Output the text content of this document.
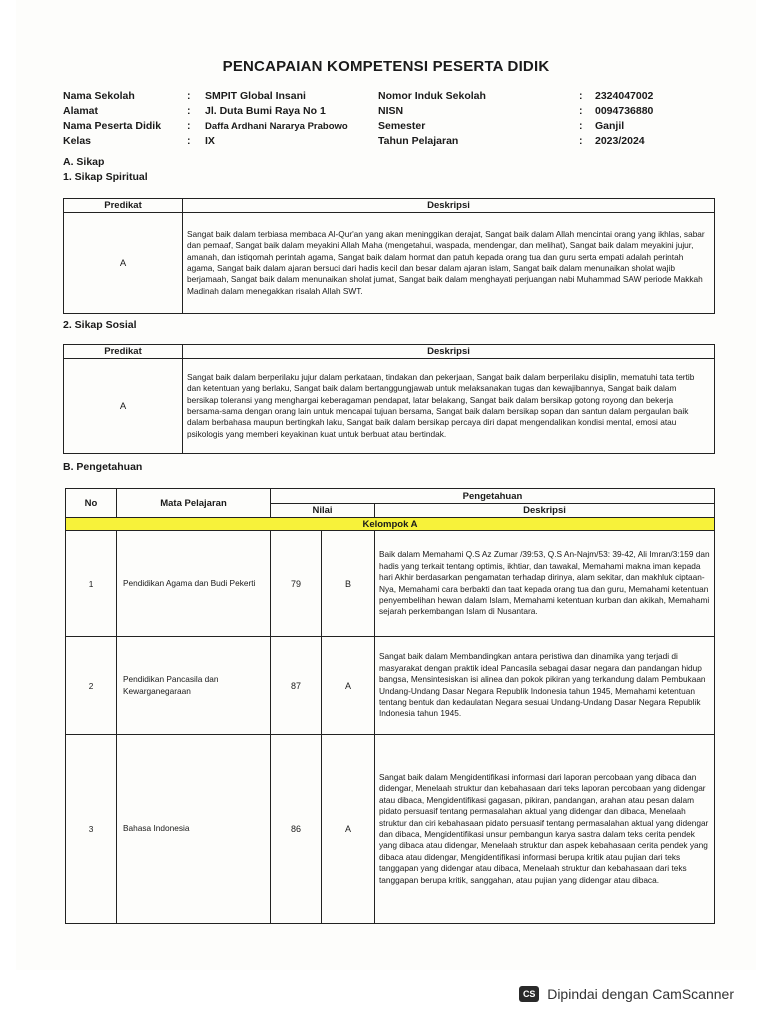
PENCAPAIAN KOMPETENSI PESERTA DIDIK
Nama Sekolah	: SMPIT Global Insani
Alamat	: Jl. Duta Bumi Raya No 1
Nama Peserta Didik : Daffa Ardhani Nararya Prabowo
Kelas	: IX
Nomor Induk Sekolah	: 2324047002
NISN	: 0094736880
Semester	: Ganjil
Tahun Pelajaran	: 2023/2024
A. Sikap
1. Sikap Spiritual
Predikat	Deskripsi
A	Sangat baik dalam terbiasa membaca Al-Qur'an yang akan meninggikan derajat, Sangat baik dalam Allah mencintai orang yang ikhlas, sabar dan pemaaf, Sangat baik dalam meyakini Allah Maha (mengetahui, waspada, mendengar, dan melihat), Sangat baik dalam meyakini jujur, amanah, dan istiqomah perintah agama, Sangat baik dalam hormat dan patuh kepada orang tua dan guru serta empati adalah perintah agama, Sangat baik dalam ajaran bersuci dari hadis kecil dan besar dalam ajaran islam, Sangat baik dalam menunaikan sholat wajib berjamaah, Sangat baik dalam menunaikan sholat jumat, Sangat baik dalam menghayati perjuangan nabi Muhammad SAW periode Makkah Madinah dalam menegakkan risalah Allah SWT.
2. Sikap Sosial
Predikat	Deskripsi
A	Sangat baik dalam berperilaku jujur dalam perkataan, tindakan dan pekerjaan, Sangat baik dalam berperilaku disiplin, mematuhi tata tertib dan ketentuan yang berlaku, Sangat baik dalam bertanggungjawab untuk melaksanakan tugas dan kewajibannya, Sangat baik dalam bersikap toleransi yang menghargai keberagaman pendapat, latar belakang, Sangat baik dalam bersikap gotong royong dan bekerja bersama-sama dengan orang lain untuk mencapai tujuan bersama, Sangat baik dalam bersikap sopan dan santun dalam pergaulan baik dalam berbahasa maupun bertingkah laku, Sangat baik dalam bersikap percaya diri dapat mengendalikan kondisi mental, emosi atau psikologis yang memberi keyakinan kuat untuk berbuat atau bertindak.
B. Pengetahuan
No	Mata Pelajaran	Pengetahuan		
		Nilai		Deskripsi
Kelompok A				
1	Pendidikan Agama dan Budi Pekerti	79	B	Baik dalam Memahami Q.S Az Zumar /39:53, Q.S An-Najm/53: 39-42, Ali Imran/3:159 dan hadis yang terkait tentang optimis, ikhtiar, dan tawakal, Memahami makna iman kepada hari Akhir berdasarkan pengamatan terhadap dirinya, alam sekitar, dan makhluk ciptaan-Nya, Memahami cara berbakti dan taat kepada orang tua dan guru, Memahami ketentuan penyembelihan hewan dalam Islam, Memahami ketentuan kurban dan akikah, Memahami sejarah perkembangan Islam di Nusantara.
2	Pendidikan Pancasila dan Kewarganegaraan	87	A	Sangat baik dalam Membandingkan antara peristiwa dan dinamika yang terjadi di masyarakat dengan praktik ideal Pancasila sebagai dasar negara dan pandangan hidup bangsa, Mensintesiskan isi alinea dan pokok pikiran yang terkandung dalam Pembukaan Undang-Undang Dasar Negara Republik Indonesia tahun 1945, Memahami ketentuan tentang bentuk dan kedaulatan Negara sesuai Undang-Undang Dasar Negara Republik Indonesia tahun 1945.
3	Bahasa Indonesia	86	A	Sangat baik dalam Mengidentifikasi informasi dari laporan percobaan yang dibaca dan didengar, Menelaah struktur dan kebahasaan dari teks laporan percobaan yang didengar atau dibaca, Mengidentifikasi gagasan, pikiran, pandangan, arahan atau pesan dalam pidato persuasif tentang permasalahan aktual yang didengar dan dibaca, Menelaah struktur dan ciri kebahasaan pidato persuasif tentang permasalahan aktual yang didengar dan dibaca, Mengidentifikasi unsur pembangun karya sastra dalam teks cerita pendek yang dibaca atau didengar, Menelaah struktur dan aspek kebahasaan cerita pendek yang dibaca atau didengar, Mengidentifikasi informasi berupa kritik atau pujian dari teks tanggapan yang didengar atau dibaca, Menelaah struktur dan kebahasaan dari teks tanggapan berupa kritik, sanggahan, atau pujian yang didengar atau dibaca.
CS Dipindai dengan CamScanner
